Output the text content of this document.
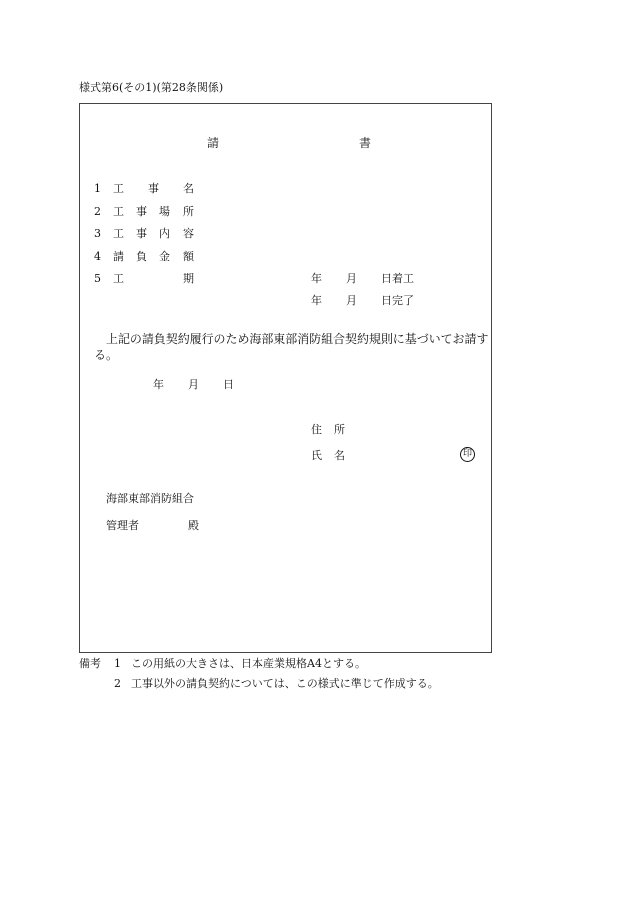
様式第6(その1)(第28条関係)
請	書
1 工 事 名
2 工 事 場 所
3 工 事 内 容
4 請 負 金 額
5 工	期	年 月 日着工
年 月 日完了
上記の請負契約履行のため海部東部消防組合契約規則に基づいてお請す
る。
年 月 日
住 所
氏 名	印
海部東部消防組合
管理者	殿
備考 1 この用紙の大きさは、日本産業規格A4とする。
2 工事以外の請負契約については、この様式に準じて作成する。
